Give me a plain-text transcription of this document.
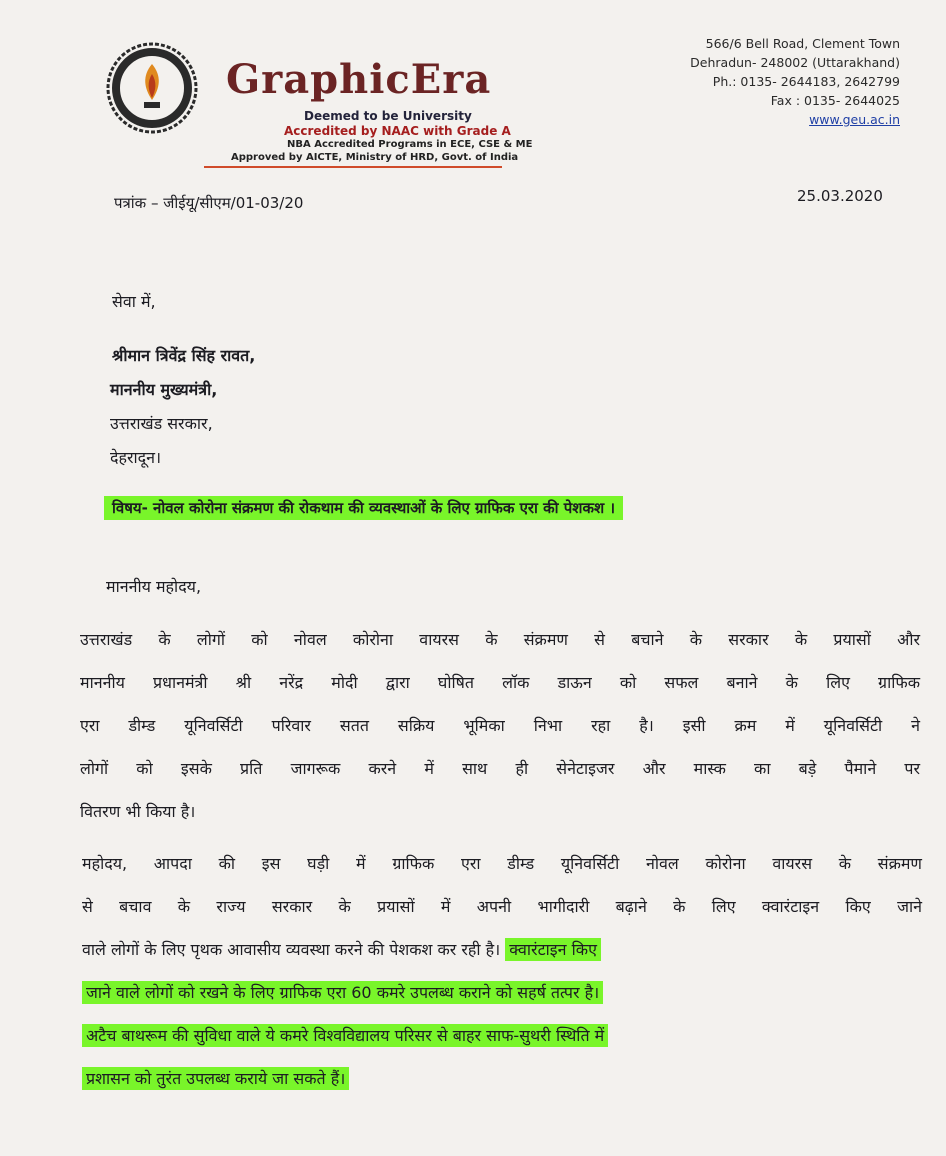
GraphicEra
Deemed to be University
Accredited by NAAC with Grade A
NBA Accredited Programs in ECE, CSE & ME
Approved by AICTE, Ministry of HRD, Govt. of India
566/6 Bell Road, Clement Town
Dehradun- 248002 (Uttarakhand)
Ph.: 0135- 2644183, 2642799
Fax : 0135- 2644025
www.geu.ac.in
पत्रांक – जीईयू/सीएम/01-03/20	25.03.2020
सेवा में,
श्रीमान त्रिवेंद्र सिंह रावत,
माननीय मुख्यमंत्री,
उत्तराखंड सरकार,
देहरादून।
विषय- नोवल कोरोना संक्रमण की रोकथाम की व्यवस्थाओं के लिए ग्राफिक एरा की पेशकश ।
माननीय महोदय,
उत्तराखंड के लोगों को नोवल कोरोना वायरस के संक्रमण से बचाने के सरकार के प्रयासों और
माननीय प्रधानमंत्री श्री नरेंद्र मोदी द्वारा घोषित लॉक डाऊन को सफल बनाने के लिए ग्राफिक
एरा डीम्ड यूनिवर्सिटी परिवार सतत सक्रिय भूमिका निभा रहा है। इसी क्रम में यूनिवर्सिटी ने
लोगों को इसके प्रति जागरूक करने में साथ ही सेनेटाइजर और मास्क का बड़े पैमाने पर
वितरण भी किया है।
महोदय, आपदा की इस घड़ी में ग्राफिक एरा डीम्ड यूनिवर्सिटी नोवल कोरोना वायरस के संक्रमण
से बचाव के राज्य सरकार के प्रयासों में अपनी भागीदारी बढ़ाने के लिए क्वारंटाइन किए जाने
वाले लोगों के लिए पृथक आवासीय व्यवस्था करने की पेशकश कर रही है। क्वारंटाइन किए
जाने वाले लोगों को रखने के लिए ग्राफिक एरा 60 कमरे उपलब्ध कराने को सहर्ष तत्पर है।
अटैच बाथरूम की सुविधा वाले ये कमरे विश्वविद्यालय परिसर से बाहर साफ-सुथरी स्थिति में
प्रशासन को तुरंत उपलब्ध कराये जा सकते हैं।
